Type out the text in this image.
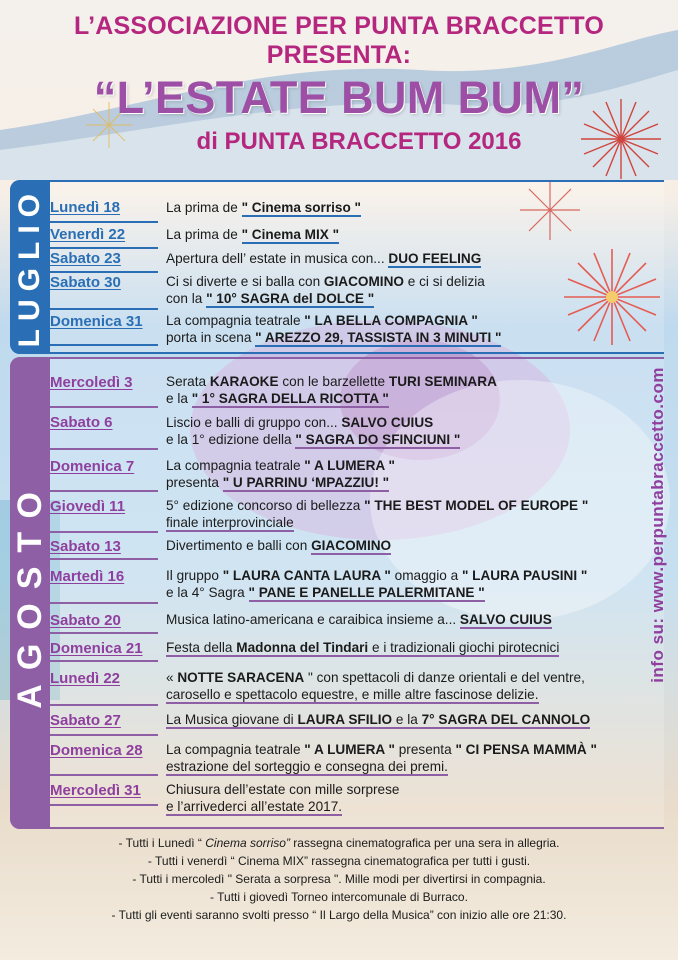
L’ASSOCIAZIONE PER PUNTA BRACCETTO PRESENTA:
“L’ESTATE BUM BUM”
di PUNTA BRACCETTO 2016
LUGLIO
AGOSTO
Lunedì 18	La prima de " Cinema sorriso "
Venerdì 22	La prima de " Cinema MIX "
Sabato 23	Apertura dell’ estate in musica con... DUO FEELING
Sabato 30	Ci si diverte e si balla con GIACOMINO e ci si delizia
con la " 10° SAGRA del DOLCE "
Domenica 31 La compagnia teatrale " LA BELLA COMPAGNIA "
porta in scena " AREZZO 29, TASSISTA IN 3 MINUTI "
Mercoledì 3 Serata KARAOKE con le barzellette TURI SEMINARA
e la " 1° SAGRA DELLA RICOTTA "
Sabato 6	Liscio e balli di gruppo con... SALVO CUIUS
e la 1° edizione della " SAGRA DO SFINCIUNI "
Domenica 7 La compagnia teatrale " A LUMERA "
presenta " U PARRINU ‘MPAZZIU! "
Giovedì 11	5° edizione concorso di bellezza " THE BEST MODEL OF EUROPE "
finale interprovinciale
Sabato 13	Divertimento e balli con GIACOMINO
Martedì 16	Il gruppo " LAURA CANTA LAURA " omaggio a " LAURA PAUSINI "
e la 4° Sagra " PANE E PANELLE PALERMITANE "
Sabato 20	Musica latino-americana e caraibica insieme a... SALVO CUIUS
Domenica 21 Festa della Madonna del Tindari e i tradizionali giochi pirotecnici
Lunedì 22	« NOTTE SARACENA " con spettacoli di danze orientali e del ventre,
carosello e spettacolo equestre, e mille altre fascinose delizie.
Sabato 27	La Musica giovane di LAURA SFILIO e la 7° SAGRA DEL CANNOLO
Domenica 28 La compagnia teatrale " A LUMERA " presenta " CI PENSA MAMMÀ "
estrazione del sorteggio e consegna dei premi.
Mercoledì 31 Chiusura dell’estate con mille sorprese
e l’arrivederci all’estate 2017.
info su: www.perpuntabraccetto.com
- Tutti i Lunedì “ Cinema sorriso” rassegna cinematografica per una sera in allegria.
- Tutti i venerdì “ Cinema MIX” rassegna cinematografica per tutti i gusti.
- Tutti i mercoledì " Serata a sorpresa ". Mille modi per divertirsi in compagnia.
- Tutti i giovedì Torneo intercomunale di Burraco.
- Tutti gli eventi saranno svolti presso “ Il Largo della Musica” con inizio alle ore 21:30.
